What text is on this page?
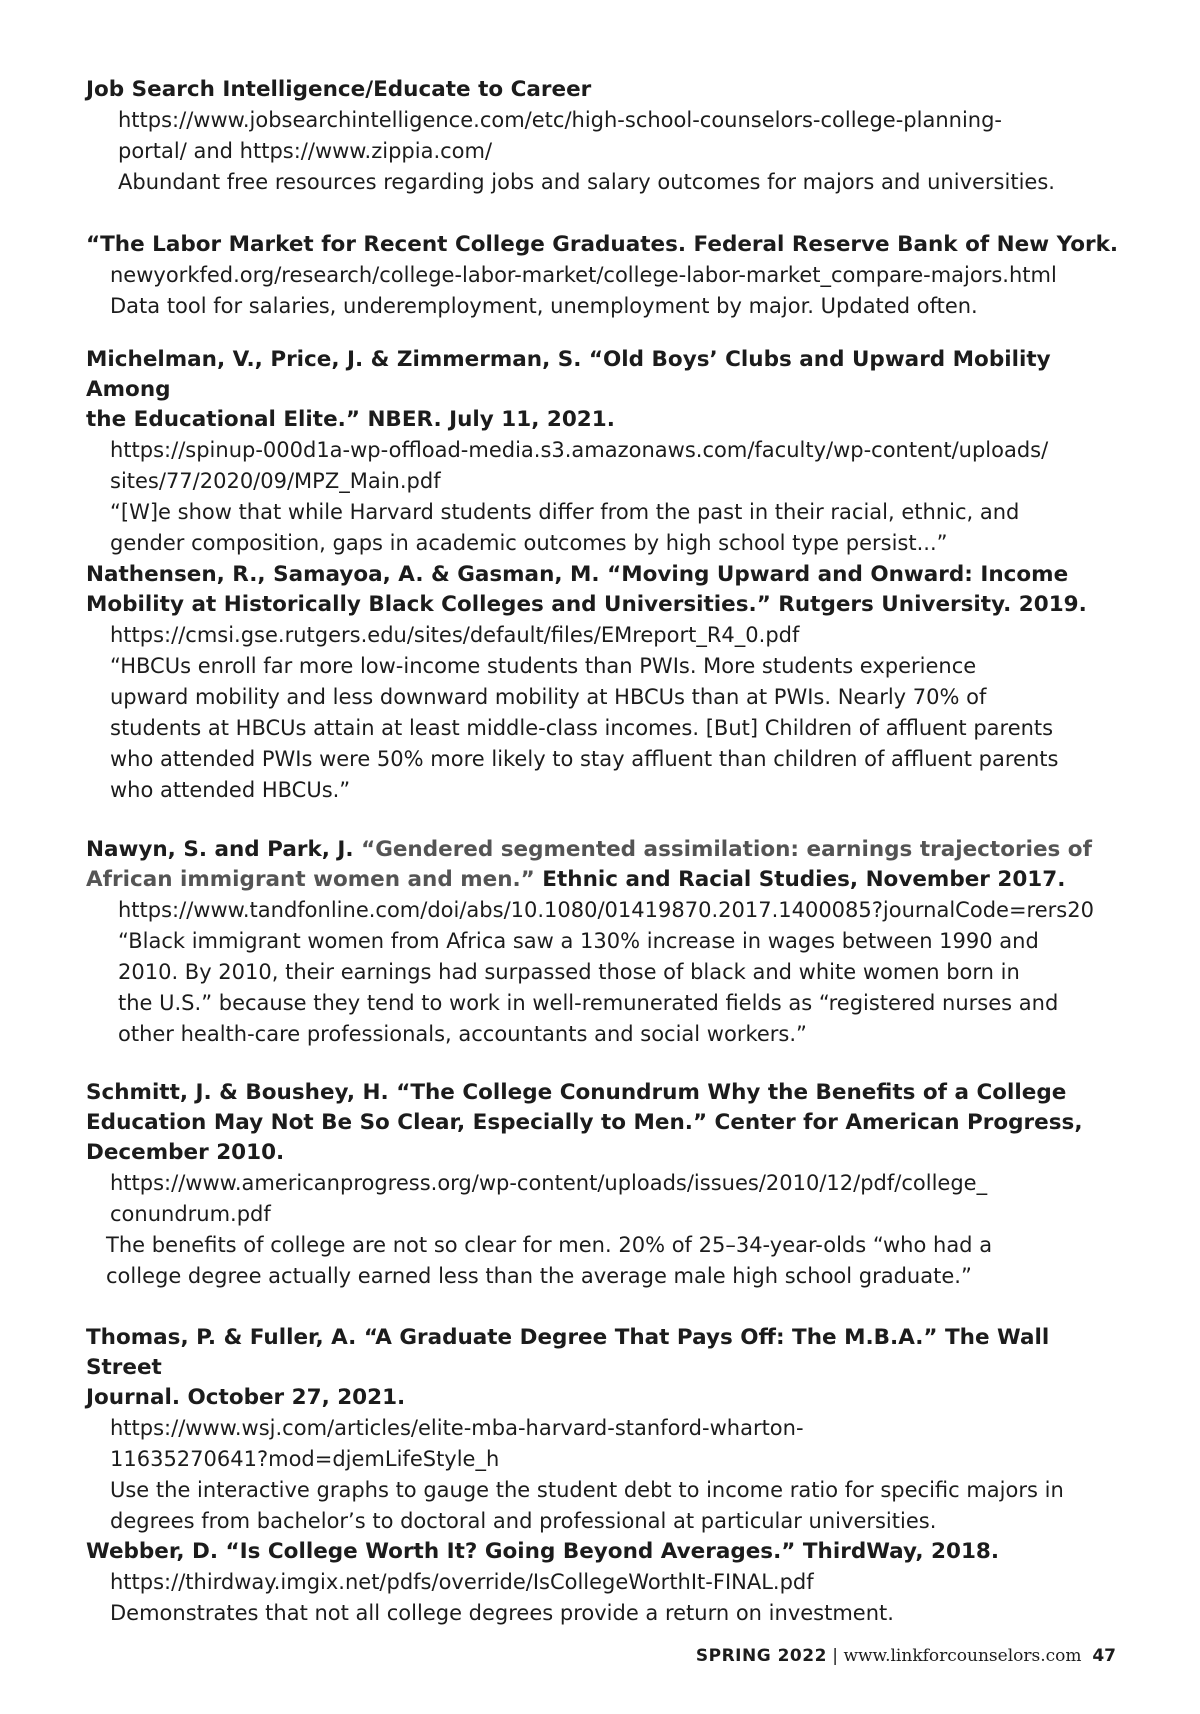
Job Search Intelligence/Educate to Career
https://www.jobsearchintelligence.com/etc/high-school-counselors-college-planning-
portal/ and https://www.zippia.com/
Abundant free resources regarding jobs and salary outcomes for majors and universities.
“The Labor Market for Recent College Graduates. Federal Reserve Bank of New York.
newyorkfed.org/research/college-labor-market/college-labor-market_compare-majors.html
Data tool for salaries, underemployment, unemployment by major. Updated often.
Michelman, V., Price, J. & Zimmerman, S. “Old Boys’ Clubs and Upward Mobility Among
the Educational Elite.” NBER. July 11, 2021.
https://spinup-000d1a-wp-offload-media.s3.amazonaws.com/faculty/wp-content/uploads/
sites/77/2020/09/MPZ_Main.pdf
“[W]e show that while Harvard students differ from the past in their racial, ethnic, and
gender composition, gaps in academic outcomes by high school type persist...”
Nathensen, R., Samayoa, A. & Gasman, M. “Moving Upward and Onward: Income
Mobility at Historically Black Colleges and Universities.” Rutgers University. 2019.
https://cmsi.gse.rutgers.edu/sites/default/files/EMreport_R4_0.pdf
“HBCUs enroll far more low-income students than PWIs. More students experience
upward mobility and less downward mobility at HBCUs than at PWIs. Nearly 70% of
students at HBCUs attain at least middle-class incomes. [But] Children of affluent parents
who attended PWIs were 50% more likely to stay affluent than children of affluent parents
who attended HBCUs.”
Nawyn, S. and Park, J. “Gendered segmented assimilation: earnings trajectories of
African immigrant women and men.” Ethnic and Racial Studies, November 2017.
https://www.tandfonline.com/doi/abs/10.1080/01419870.2017.1400085?journalCode=rers20
“Black immigrant women from Africa saw a 130% increase in wages between 1990 and
2010. By 2010, their earnings had surpassed those of black and white women born in
the U.S.” because they tend to work in well-remunerated fields as “registered nurses and
other health-care professionals, accountants and social workers.”
Schmitt, J. & Boushey, H. “The College Conundrum Why the Benefits of a College
Education May Not Be So Clear, Especially to Men.” Center for American Progress,
December 2010.
https://www.americanprogress.org/wp-content/uploads/issues/2010/12/pdf/college_
conundrum.pdf
The benefits of college are not so clear for men. 20% of 25–34-year-olds “who had a
college degree actually earned less than the average male high school graduate.”
Thomas, P. & Fuller, A. “A Graduate Degree That Pays Off: The M.B.A.” The Wall Street
Journal. October 27, 2021.
https://www.wsj.com/articles/elite-mba-harvard-stanford-wharton-
11635270641?mod=djemLifeStyle_h
Use the interactive graphs to gauge the student debt to income ratio for specific majors in
degrees from bachelor’s to doctoral and professional at particular universities.
Webber, D. “Is College Worth It? Going Beyond Averages.” ThirdWay, 2018.
https://thirdway.imgix.net/pdfs/override/IsCollegeWorthIt-FINAL.pdf
Demonstrates that not all college degrees provide a return on investment.
SPRING 2022 | www.linkforcounselors.com 47
